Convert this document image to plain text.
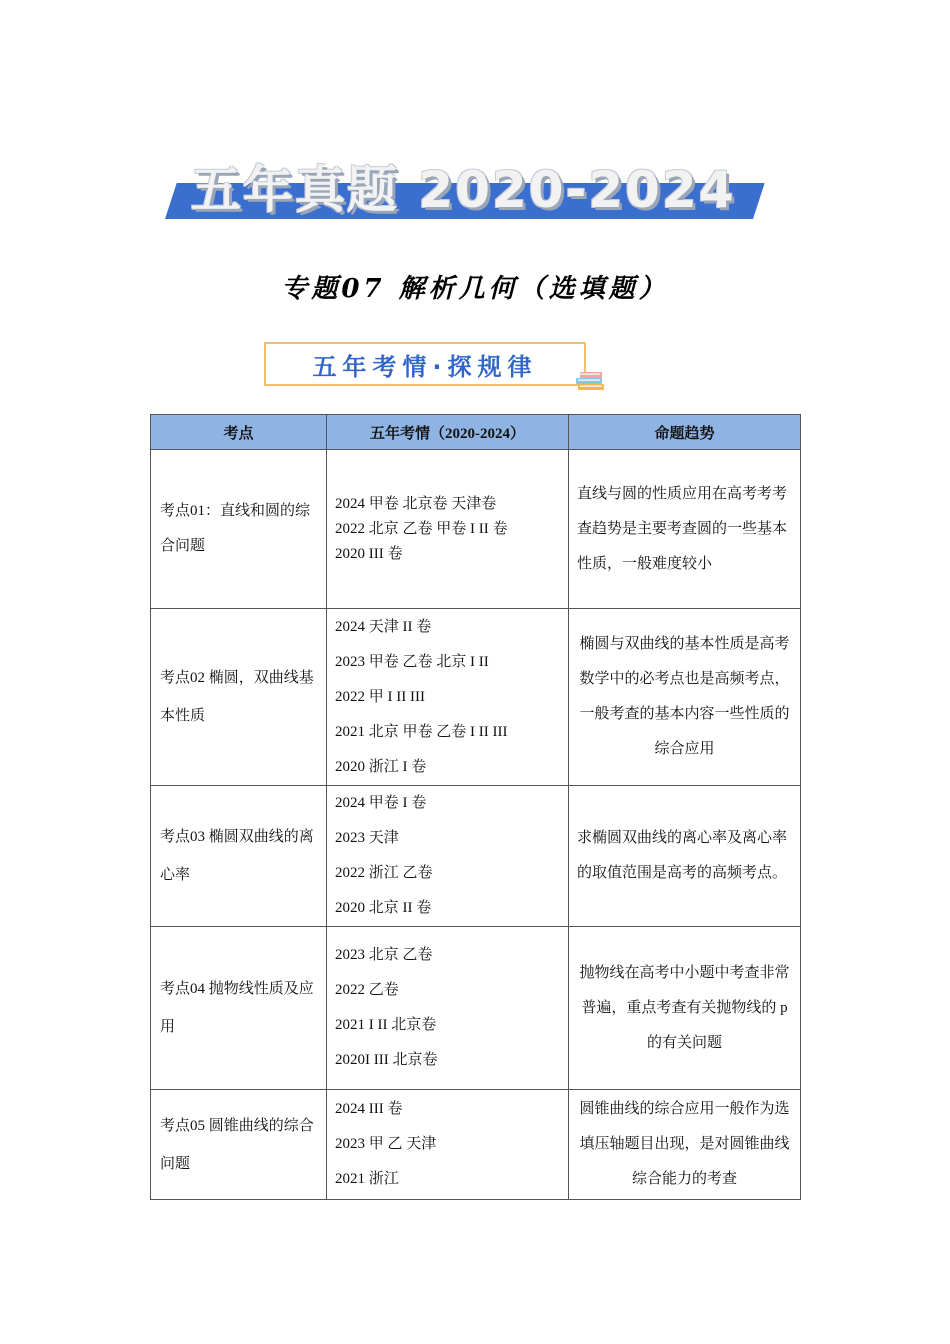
五年真题 2020-2024
专题07 解析几何（选填题）
五年考情·探规律
考点	五年考情（2020-2024）	命题趋势
考点01：直线和圆的综合问题	2024 甲卷 北京卷 天津卷
2022 北京 乙卷 甲卷 I II 卷
2020 III 卷	直线与圆的性质应用在高考考考查趋势是主要考查圆的一些基本性质，一般难度较小
考点02 椭圆，双曲线基本性质	2024 天津 II 卷
2023 甲卷 乙卷 北京 I II
2022 甲 I II III
2021 北京 甲卷 乙卷 I II III
2020 浙江 I 卷	椭圆与双曲线的基本性质是高考数学中的必考点也是高频考点，一般考查的基本内容一些性质的综合应用
考点03 椭圆双曲线的离心率	2024 甲卷 I 卷
2023 天津
2022 浙江 乙卷
2020 北京 II 卷	求椭圆双曲线的离心率及离心率的取值范围是高考的高频考点。
考点04 抛物线性质及应用	2023 北京 乙卷
2022 乙卷
2021 I II 北京卷
2020I III 北京卷	抛物线在高考中小题中考查非常普遍，重点考查有关抛物线的 p 的有关问题
考点05 圆锥曲线的综合问题	2024 III 卷
2023 甲 乙 天津
2021 浙江	圆锥曲线的综合应用一般作为选填压轴题目出现，是对圆锥曲线综合能力的考查
